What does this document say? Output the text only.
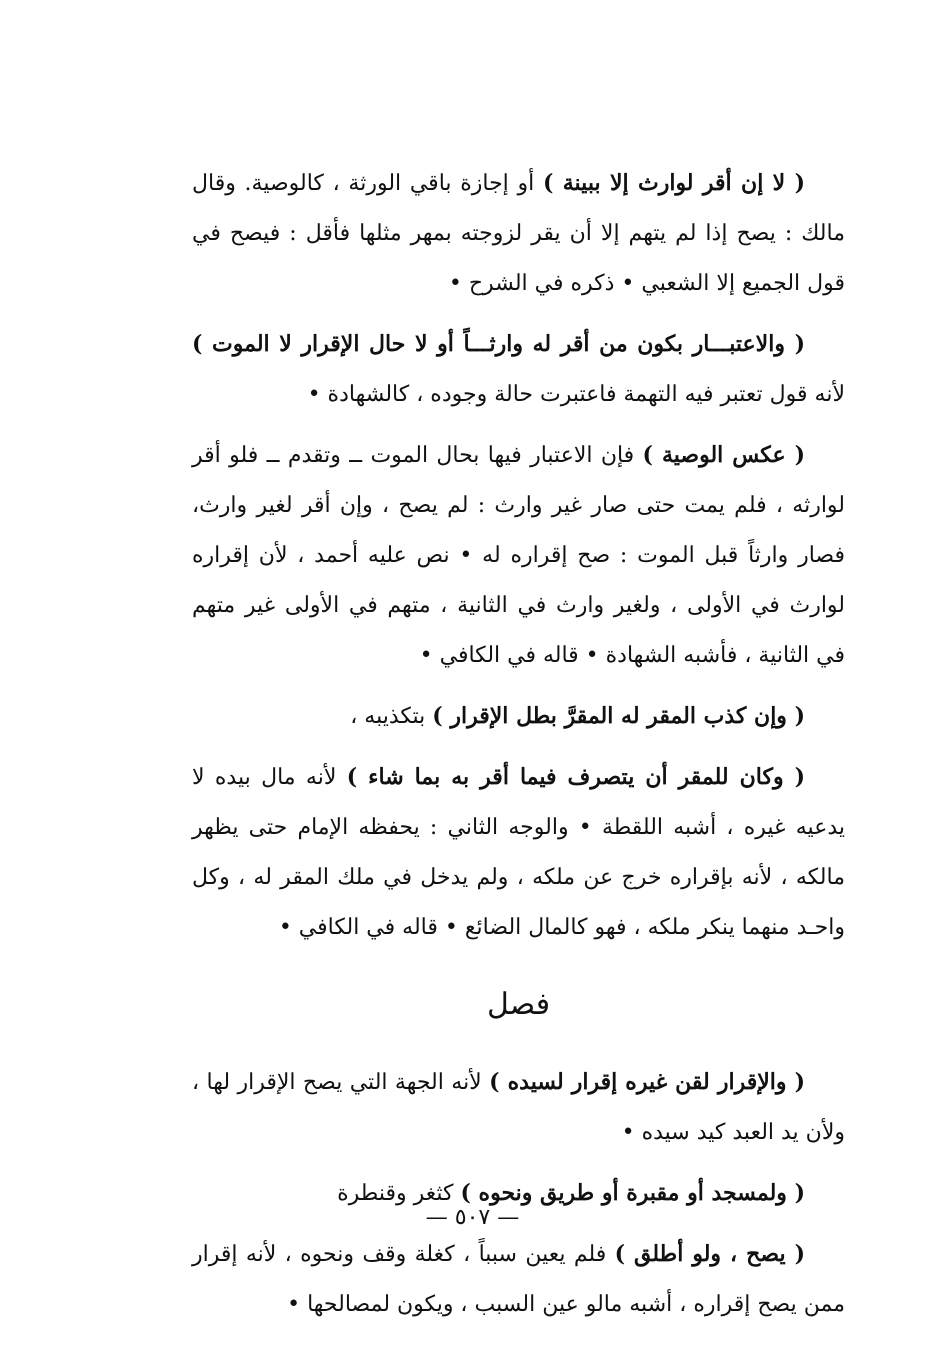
( لا إن أقر لوارث إلا ببينة ) أو إجازة باقي الورثة ، كالوصية. وقال مالك : يصح إذا لم يتهم إلا أن يقر لزوجته بمهر مثلها فأقل : فيصح في قول الجميع إلا الشعبي • ذكره في الشرح •

( والاعتبـــار بكون من أقر له وارثـــاً أو لا حال الإقرار لا الموت ) لأنه قول تعتبر فيه التهمة فاعتبرت حالة وجوده ، كالشهادة •

( عكس الوصية ) فإن الاعتبار فيها بحال الموت ــ وتقدم ــ فلو أقر لوارثه ، فلم يمت حتى صار غير وارث : لم يصح ، وإن أقر لغير وارث، فصار وارثاً قبل الموت : صح إقراره له • نص عليه أحمد ، لأن إقراره لوارث في الأولى ، ولغير وارث في الثانية ، متهم في الأولى غير متهم في الثانية ، فأشبه الشهادة • قاله في الكافي •

( وإن كذب المقر له المقرَّ بطل الإقرار ) بتكذيبه ،

( وكان للمقر أن يتصرف فيما أقر به بما شاء ) لأنه مال بيده لا يدعيه غيره ، أشبه اللقطة • والوجه الثاني : يحفظه الإمام حتى يظهر مالكه ، لأنه بإقراره خرج عن ملكه ، ولم يدخل في ملك المقر له ، وكل واحـد منهما ينكر ملكه ، فهو كالمال الضائع • قاله في الكافي •

فصل

( والإقرار لقن غيره إقرار لسيده ) لأنه الجهة التي يصح الإقرار لها ، ولأن يد العبد كيد سيده •

( ولمسجد أو مقبرة أو طريق ونحوه ) كثغر وقنطرة

( يصح ، ولو أطلق ) فلم يعين سبباً ، كغلة وقف ونحوه ، لأنه إقرار ممن يصح إقراره ، أشبه مالو عين السبب ، ويكون لمصالحها •

— ٥٠٧ —
